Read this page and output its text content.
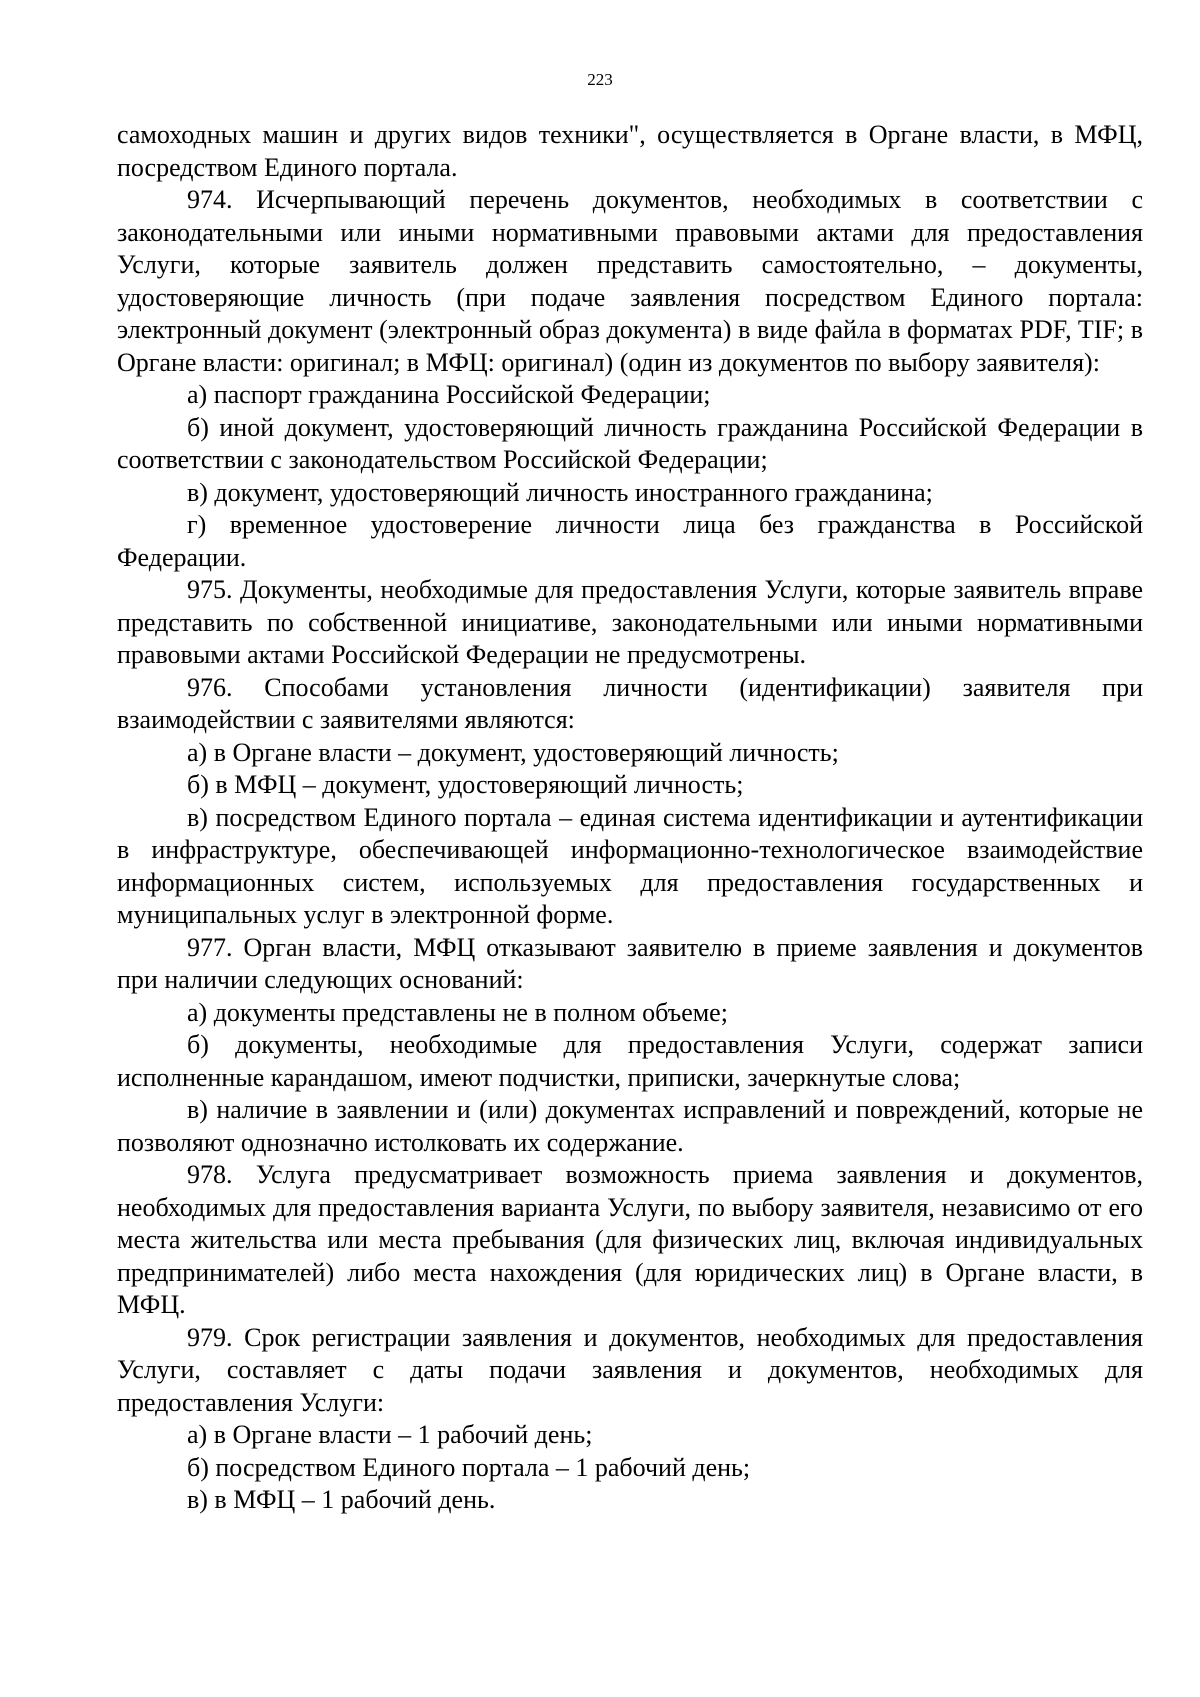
223

самоходных машин и других видов техники", осуществляется в Органе власти, в МФЦ, посредством Единого портала.

974. Исчерпывающий перечень документов, необходимых в соответствии с законодательными или иными нормативными правовыми актами для предоставления Услуги, которые заявитель должен представить самостоятельно, – документы, удостоверяющие личность (при подаче заявления посредством Единого портала: электронный документ (электронный образ документа) в виде файла в форматах PDF, TIF; в Органе власти: оригинал; в МФЦ: оригинал) (один из документов по выбору заявителя):

а) паспорт гражданина Российской Федерации;

б) иной документ, удостоверяющий личность гражданина Российской Федерации в соответствии с законодательством Российской Федерации;

в) документ, удостоверяющий личность иностранного гражданина;

г) временное удостоверение личности лица без гражданства в Российской Федерации.

975. Документы, необходимые для предоставления Услуги, которые заявитель вправе представить по собственной инициативе, законодательными или иными нормативными правовыми актами Российской Федерации не предусмотрены.

976. Способами установления личности (идентификации) заявителя при взаимодействии с заявителями являются:

а) в Органе власти – документ, удостоверяющий личность;

б) в МФЦ – документ, удостоверяющий личность;

в) посредством Единого портала – единая система идентификации и аутентификации в инфраструктуре, обеспечивающей информационно-технологическое взаимодействие информационных систем, используемых для предоставления государственных и муниципальных услуг в электронной форме.

977. Орган власти, МФЦ отказывают заявителю в приеме заявления и документов при наличии следующих оснований:

а) документы представлены не в полном объеме;

б) документы, необходимые для предоставления Услуги, содержат записи исполненные карандашом, имеют подчистки, приписки, зачеркнутые слова;

в) наличие в заявлении и (или) документах исправлений и повреждений, которые не позволяют однозначно истолковать их содержание.

978. Услуга предусматривает возможность приема заявления и документов, необходимых для предоставления варианта Услуги, по выбору заявителя, независимо от его места жительства или места пребывания (для физических лиц, включая индивидуальных предпринимателей) либо места нахождения (для юридических лиц) в Органе власти, в МФЦ.

979. Срок регистрации заявления и документов, необходимых для предоставления Услуги, составляет с даты подачи заявления и документов, необходимых для предоставления Услуги:

а) в Органе власти – 1 рабочий день;

б) посредством Единого портала – 1 рабочий день;

в) в МФЦ – 1 рабочий день.
